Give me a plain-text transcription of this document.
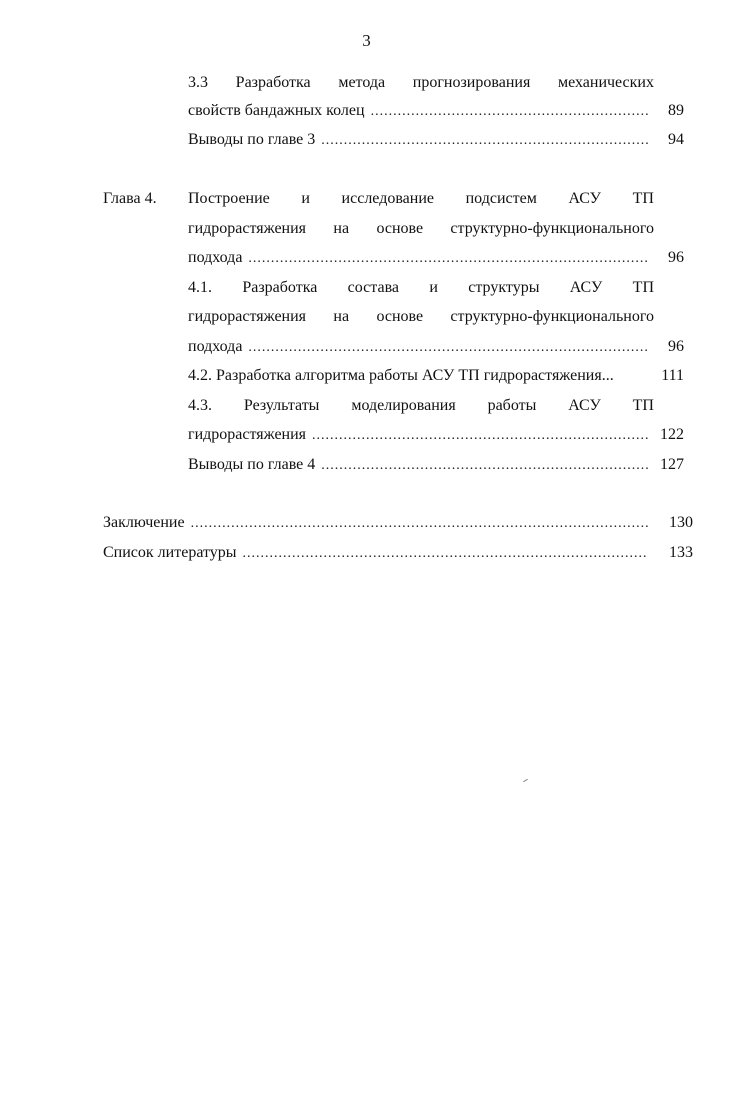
3
3.3 Разработка метода прогнозирования механических
свойств бандажных колец .....	89
Выводы по главе 3 .....	94
Глава 4. Построение и исследование подсистем АСУ ТП
гидрорастяжения на основе структурно-функционального
подхода .....	96
4.1. Разработка состава и структуры АСУ ТП
гидрорастяжения на основе структурно-функционального
подхода .....	96
4.2. Разработка алгоритма работы АСУ ТП гидрорастяжения...	111
4.3. Результаты моделирования работы АСУ ТП
гидрорастяжения .....	122
Выводы по главе 4 .....	127
Заключение .....	130
Список литературы .....	133
